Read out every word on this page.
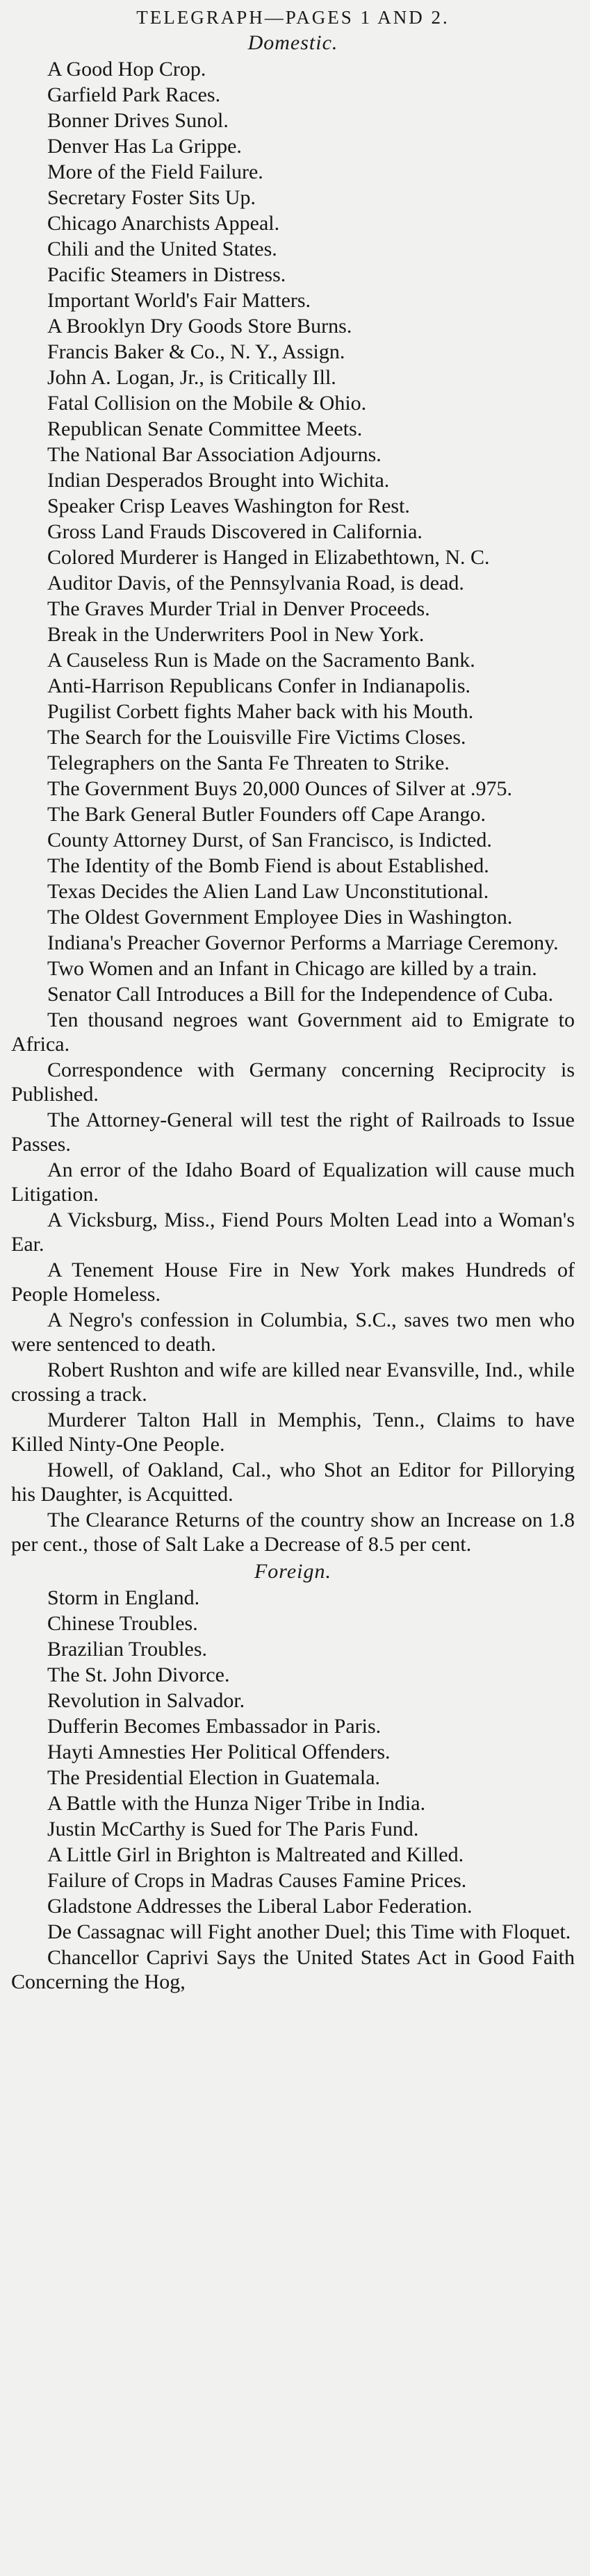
TELEGRAPH—PAGES 1 AND 2.
Domestic.
A Good Hop Crop.
Garfield Park Races.
Bonner Drives Sunol.
Denver Has La Grippe.
More of the Field Failure.
Secretary Foster Sits Up.
Chicago Anarchists Appeal.
Chili and the United States.
Pacific Steamers in Distress.
Important World's Fair Matters.
A Brooklyn Dry Goods Store Burns.
Francis Baker & Co., N. Y., Assign.
John A. Logan, Jr., is Critically Ill.
Fatal Collision on the Mobile & Ohio.
Republican Senate Committee Meets.
The National Bar Association Adjourns.
Indian Desperados Brought into Wichita.
Speaker Crisp Leaves Washington for Rest.
Gross Land Frauds Discovered in California.
Colored Murderer is Hanged in Elizabethtown, N. C.
Auditor Davis, of the Pennsylvania Road, is dead.
The Graves Murder Trial in Denver Proceeds.
Break in the Underwriters Pool in New York.
A Causeless Run is Made on the Sacramento Bank.
Anti-Harrison Republicans Confer in Indianapolis.
Pugilist Corbett fights Maher back with his Mouth.
The Search for the Louisville Fire Victims Closes.
Telegraphers on the Santa Fe Threaten to Strike.
The Government Buys 20,000 Ounces of Silver at .975.
The Bark General Butler Founders off Cape Arango.
County Attorney Durst, of San Francisco, is Indicted.
The Identity of the Bomb Fiend is about Established.
Texas Decides the Alien Land Law Unconstitutional.
The Oldest Government Employee Dies in Washington.
Indiana's Preacher Governor Performs a Marriage Ceremony.
Two Women and an Infant in Chicago are killed by a train.
Senator Call Introduces a Bill for the Independence of Cuba.
Ten thousand negroes want Government aid to Emigrate to Africa.
Correspondence with Germany concerning Reciprocity is Published.
The Attorney-General will test the right of Railroads to Issue Passes.
An error of the Idaho Board of Equalization will cause much Litigation.
A Vicksburg, Miss., Fiend Pours Molten Lead into a Woman's Ear.
A Tenement House Fire in New York makes Hundreds of People Homeless.
A Negro's confession in Columbia, S.C., saves two men who were sentenced to death.
Robert Rushton and wife are killed near Evansville, Ind., while crossing a track.
Murderer Talton Hall in Memphis, Tenn., Claims to have Killed Ninty-One People.
Howell, of Oakland, Cal., who Shot an Editor for Pillorying his Daughter, is Acquitted.
The Clearance Returns of the country show an Increase on 1.8 per cent., those of Salt Lake a Decrease of 8.5 per cent.
Foreign.
Storm in England.
Chinese Troubles.
Brazilian Troubles.
The St. John Divorce.
Revolution in Salvador.
Dufferin Becomes Embassador in Paris.
Hayti Amnesties Her Political Offenders.
The Presidential Election in Guatemala.
A Battle with the Hunza Niger Tribe in India.
Justin McCarthy is Sued for The Paris Fund.
A Little Girl in Brighton is Maltreated and Killed.
Failure of Crops in Madras Causes Famine Prices.
Gladstone Addresses the Liberal Labor Federation.
De Cassagnac will Fight another Duel; this Time with Floquet.
Chancellor Caprivi Says the United States Act in Good Faith Concerning the Hog,
